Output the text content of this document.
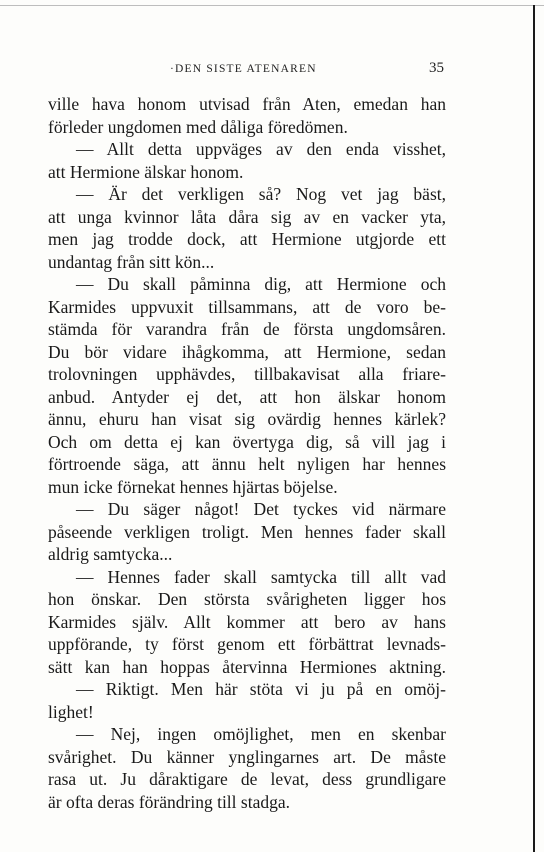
·DEN SISTE ATENAREN	35
ville hava honom utvisad från Aten, emedan han
förleder ungdomen med dåliga föredömen.
— Allt detta uppväges av den enda visshet,
att Hermione älskar honom.
— Är det verkligen så? Nog vet jag bäst,
att unga kvinnor låta dåra sig av en vacker yta,
men jag trodde dock, att Hermione utgjorde ett
undantag från sitt kön...
— Du skall påminna dig, att Hermione och
Karmides uppvuxit tillsammans, att de voro be-
stämda för varandra från de första ungdomsåren.
Du bör vidare ihågkomma, att Hermione, sedan
trolovningen upphävdes, tillbakavisat alla friare-
anbud. Antyder ej det, att hon älskar honom
ännu, ehuru han visat sig ovärdig hennes kärlek?
Och om detta ej kan övertyga dig, så vill jag i
förtroende säga, att ännu helt nyligen har hennes
mun icke förnekat hennes hjärtas böjelse.
— Du säger något! Det tyckes vid närmare
påseende verkligen troligt. Men hennes fader skall
aldrig samtycka...
— Hennes fader skall samtycka till allt vad
hon önskar. Den största svårigheten ligger hos
Karmides själv. Allt kommer att bero av hans
uppförande, ty först genom ett förbättrat levnads-
sätt kan han hoppas återvinna Hermiones aktning.
— Riktigt. Men här stöta vi ju på en omöj-
lighet!
— Nej, ingen omöjlighet, men en skenbar
svårighet. Du känner ynglingarnes art. De måste
rasa ut. Ju dåraktigare de levat, dess grundligare
är ofta deras förändring till stadga.
